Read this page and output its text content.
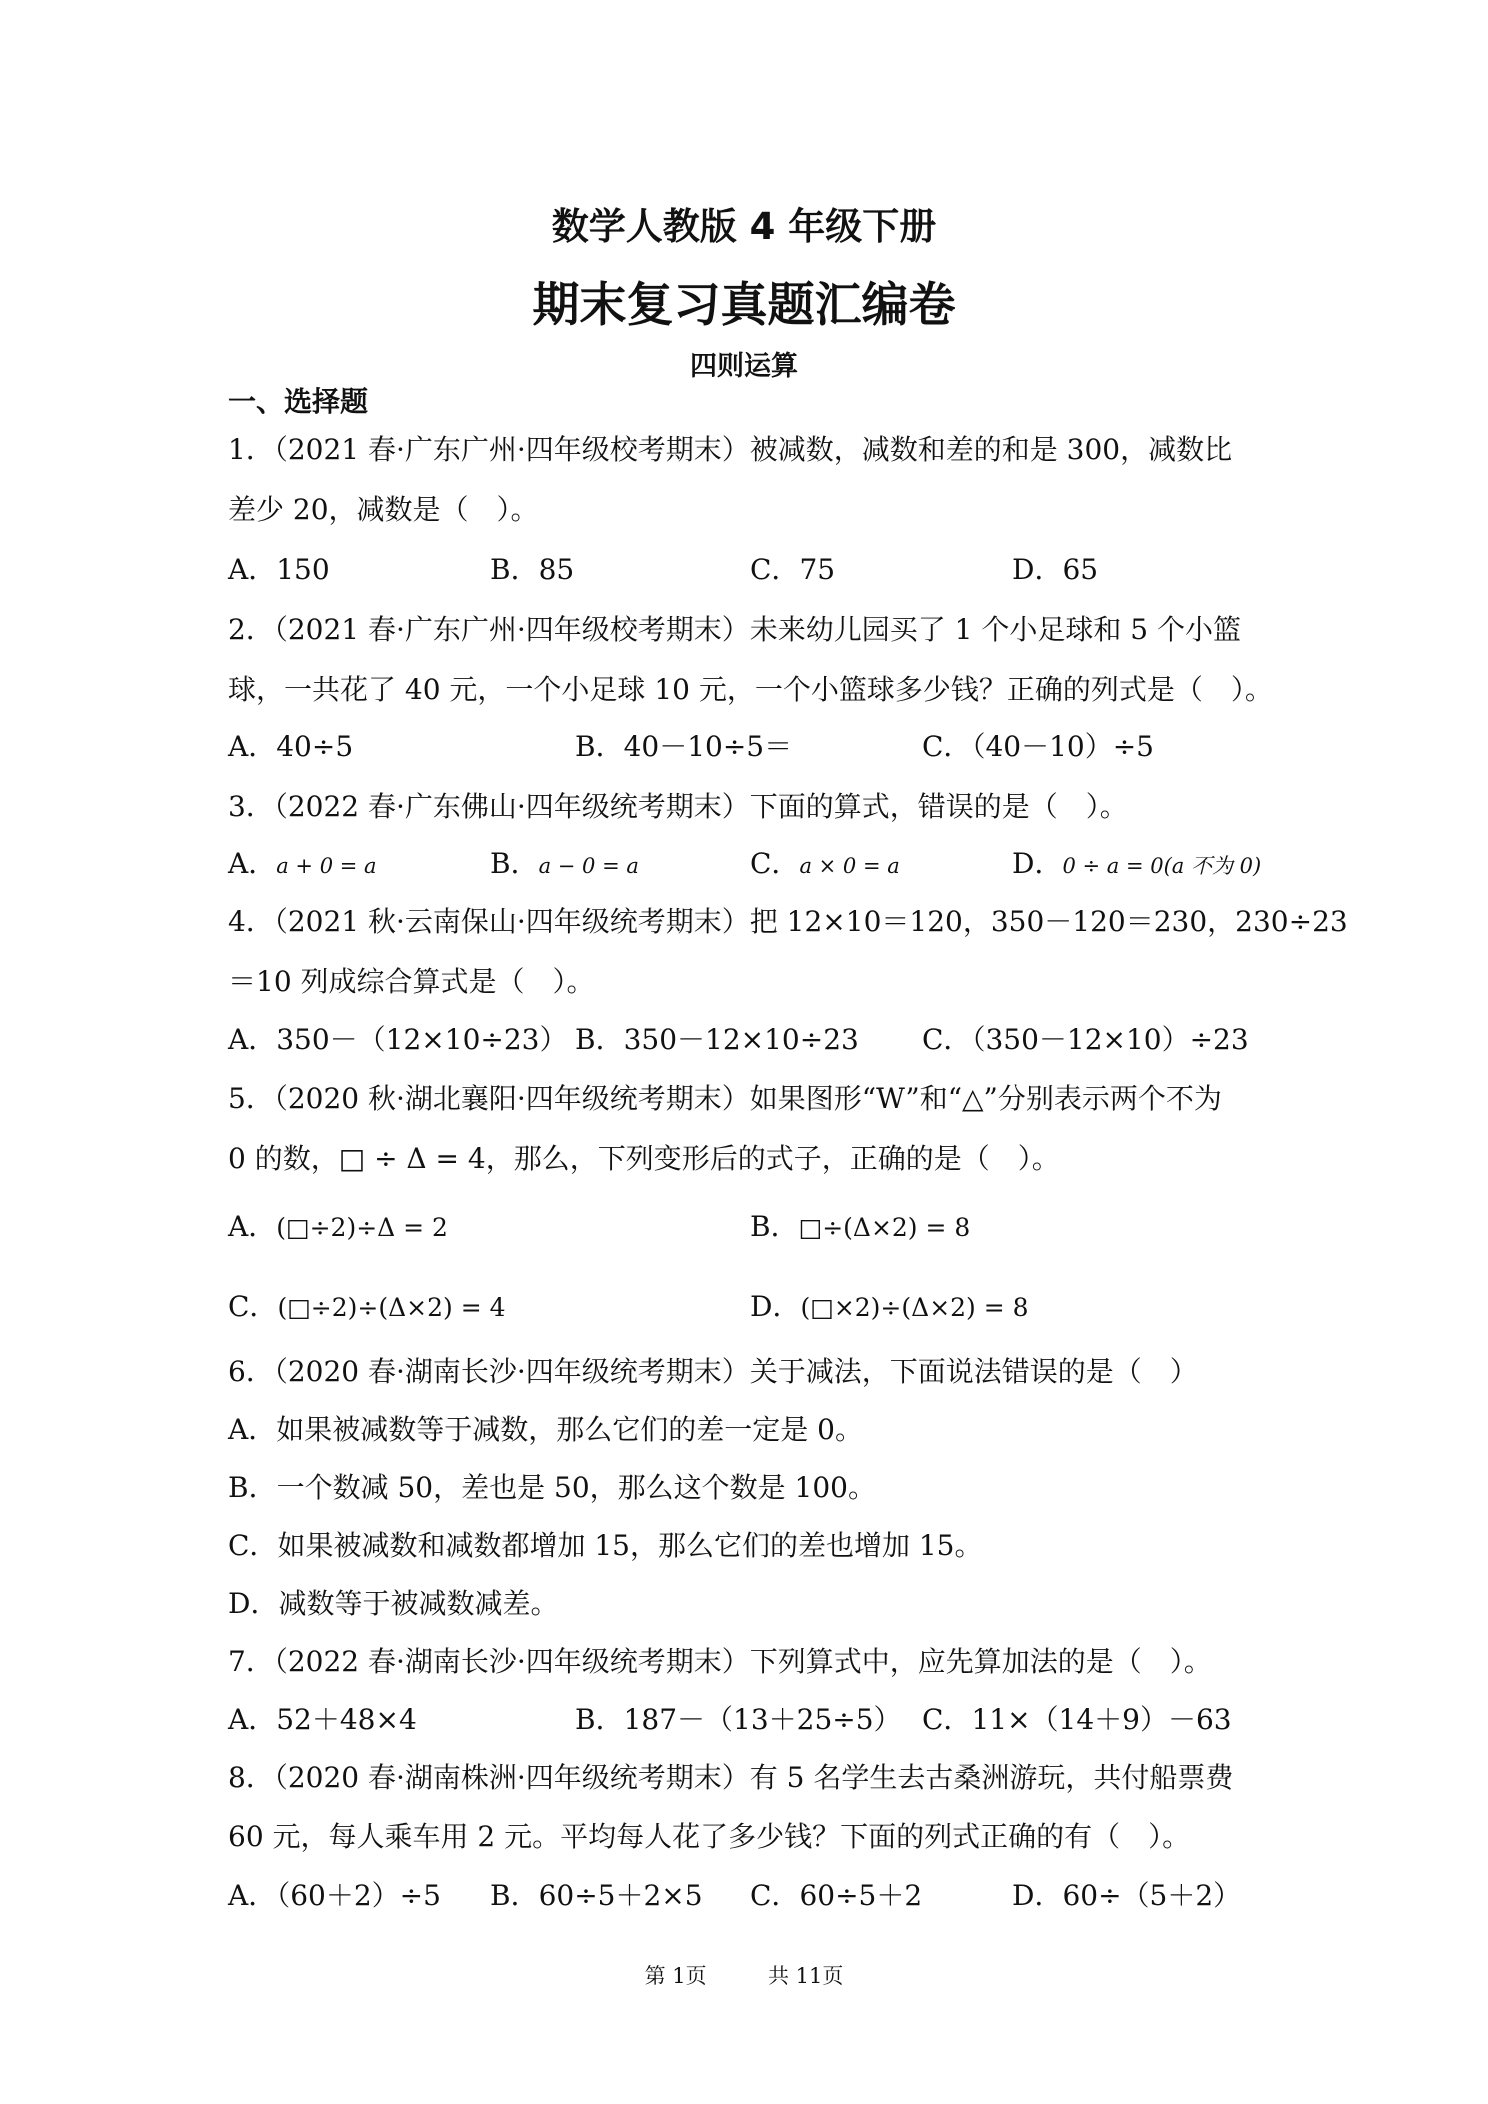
数学人教版 4 年级下册
期末复习真题汇编卷
四则运算
一、选择题
1．（2021 春·广东广州·四年级校考期末）被减数，减数和差的和是 300，减数比
差少 20，减数是（　）。
A．150	B．85	C．75	D．65
2．（2021 春·广东广州·四年级校考期末）未来幼儿园买了 1 个小足球和 5 个小篮
球，一共花了 40 元，一个小足球 10 元，一个小篮球多少钱？正确的列式是（　）。
A．40÷5	B．40－10÷5＝	C．（40－10）÷5
3．（2022 春·广东佛山·四年级统考期末）下面的算式，错误的是（　）。
A．a + 0 = a	B．a − 0 = a	C．a × 0 = a	D．0 ÷ a = 0(a 不为 0)
4．（2021 秋·云南保山·四年级统考期末）把 12×10＝120，350－120＝230，230÷23
＝10 列成综合算式是（　）。
A．350－（12×10÷23） B．350－12×10÷23 C．（350－12×10）÷23
5．（2020 秋·湖北襄阳·四年级统考期末）如果图形“W”和“△”分别表示两个不为
0 的数，□ ÷ Δ = 4，那么，下列变形后的式子，正确的是（　）。
A．(□÷2)÷Δ = 2	B．□÷(Δ×2) = 8
C．(□÷2)÷(Δ×2) = 4	D．(□×2)÷(Δ×2) = 8
6．（2020 春·湖南长沙·四年级统考期末）关于减法，下面说法错误的是（　）
A．如果被减数等于减数，那么它们的差一定是 0。
B．一个数减 50，差也是 50，那么这个数是 100。
C．如果被减数和减数都增加 15，那么它们的差也增加 15。
D．减数等于被减数减差。
7．（2022 春·湖南长沙·四年级统考期末）下列算式中，应先算加法的是（　）。
A．52＋48×4	B．187－（13＋25÷5） C．11×（14＋9）－63
8．（2020 春·湖南株洲·四年级统考期末）有 5 名学生去古桑洲游玩，共付船票费
60 元，每人乘车用 2 元。平均每人花了多少钱？下面的列式正确的有（　）。
A．（60＋2）÷5 B．60÷5＋2×5 C．60÷5＋2	D．60÷（5＋2）
第 1页	共 11页
